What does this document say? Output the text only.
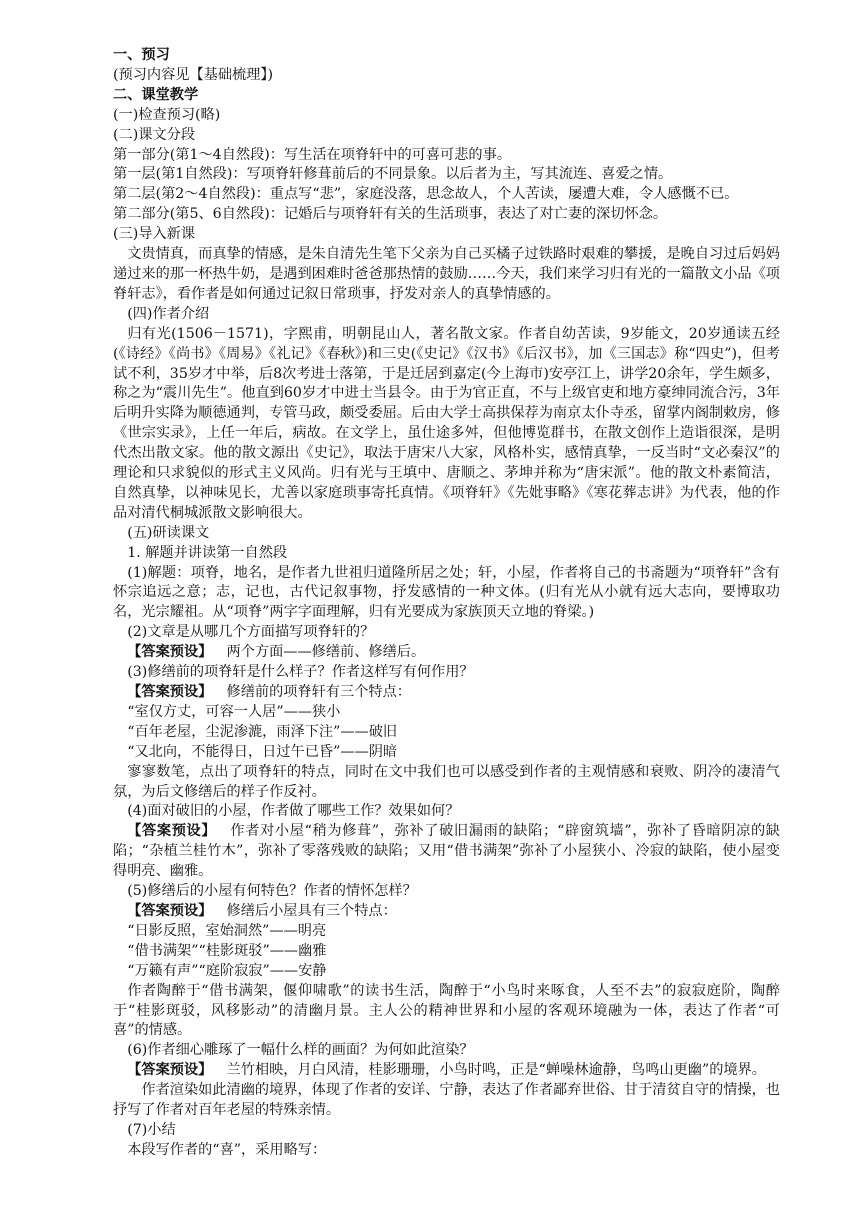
一、预习

(预习内容见【基础梳理】)

二、课堂教学

(一)检查预习(略)

(二)课文分段

第一部分(第1～4自然段)：写生活在项脊轩中的可喜可悲的事。

第一层(第1自然段)：写项脊轩修葺前后的不同景象。以后者为主，写其流连、喜爱之情。

第二层(第2～4自然段)：重点写“悲”，家庭没落，思念故人，个人苦读，屡遭大难，令人感慨不已。

第二部分(第5、6自然段)：记婚后与项脊轩有关的生活琐事，表达了对亡妻的深切怀念。

(三)导入新课

文贵情真，而真挚的情感，是朱自清先生笔下父亲为自己买橘子过铁路时艰难的攀援，是晚自习过后妈妈递过来的那一杯热牛奶，是遇到困难时爸爸那热情的鼓励……今天，我们来学习归有光的一篇散文小品《项脊轩志》，看作者是如何通过记叙日常琐事，抒发对亲人的真挚情感的。

(四)作者介绍

归有光(1506－1571)，字熙甫，明朝昆山人，著名散文家。作者自幼苦读，9岁能文，20岁通读五经(《诗经》《尚书》《周易》《礼记》《春秋》)和三史(《史记》《汉书》《后汉书》，加《三国志》称“四史”)，但考试不利，35岁才中举，后8次考进士落第，于是迁居到嘉定(今上海市)安亭江上，讲学20余年，学生颇多，称之为“震川先生”。他直到60岁才中进士当县令。由于为官正直，不与上级官吏和地方豪绅同流合污，3年后明升实降为顺德通判，专管马政，颇受委屈。后由大学士高拱保荐为南京太仆寺丞，留掌内阁制敕房，修《世宗实录》，上任一年后，病故。在文学上，虽仕途多舛，但他博览群书，在散文创作上造诣很深，是明代杰出散文家。他的散文源出《史记》，取法于唐宋八大家，风格朴实，感情真挚，一反当时“文必秦汉”的理论和只求貌似的形式主义风尚。归有光与王填中、唐顺之、茅坤并称为“唐宋派”。他的散文朴素简洁，自然真挚，以神味见长，尤善以家庭琐事寄托真情。《项脊轩》《先妣事略》《寒花葬志讲》为代表，他的作品对清代桐城派散文影响很大。

(五)研读课文

1. 解题并讲读第一自然段

(1)解题：项脊，地名，是作者九世祖归道隆所居之处；轩，小屋，作者将自己的书斋题为“项脊轩”含有怀宗追远之意；志，记也，古代记叙事物，抒发感情的一种文体。(归有光从小就有远大志向，要博取功名，光宗耀祖。从“项脊”两字字面理解，归有光要成为家族顶天立地的脊梁。)

(2)文章是从哪几个方面描写项脊轩的？

【答案预设】 两个方面——修缮前、修缮后。

(3)修缮前的项脊轩是什么样子？作者这样写有何作用？

【答案预设】 修缮前的项脊轩有三个特点：

“室仅方丈，可容一人居”——狭小

“百年老屋，尘泥渗漉，雨泽下注”——破旧

“又北向，不能得日，日过午已昏”——阴暗

寥寥数笔，点出了项脊轩的特点，同时在文中我们也可以感受到作者的主观情感和衰败、阴冷的凄清气氛，为后文修缮后的样子作反衬。

(4)面对破旧的小屋，作者做了哪些工作？效果如何？

【答案预设】 作者对小屋“稍为修葺”，弥补了破旧漏雨的缺陷；“辟窗筑墙”，弥补了昏暗阴凉的缺陷；“杂植兰桂竹木”，弥补了零落残败的缺陷；又用“借书满架”弥补了小屋狭小、冷寂的缺陷，使小屋变得明亮、幽雅。

(5)修缮后的小屋有何特色？作者的情怀怎样？

【答案预设】 修缮后小屋具有三个特点：

“日影反照，室始洞然”——明亮

“借书满架”“桂影斑驳”——幽雅

“万籁有声”“庭阶寂寂”——安静

作者陶醉于“借书满架，偃仰啸歌”的读书生活，陶醉于“小鸟时来啄食，人至不去”的寂寂庭阶，陶醉于“桂影斑驳，风移影动”的清幽月景。主人公的精神世界和小屋的客观环境融为一体，表达了作者“可喜”的情感。

(6)作者细心雕琢了一幅什么样的画面？为何如此渲染？

【答案预设】 兰竹相映，月白风清，桂影珊珊，小鸟时鸣，正是“蝉噪林逾静，鸟鸣山更幽”的境界。

作者渲染如此清幽的境界，体现了作者的安详、宁静，表达了作者鄙弃世俗、甘于清贫自守的情操，也抒写了作者对百年老屋的特殊亲情。

(7)小结

本段写作者的“喜”，采用略写：
